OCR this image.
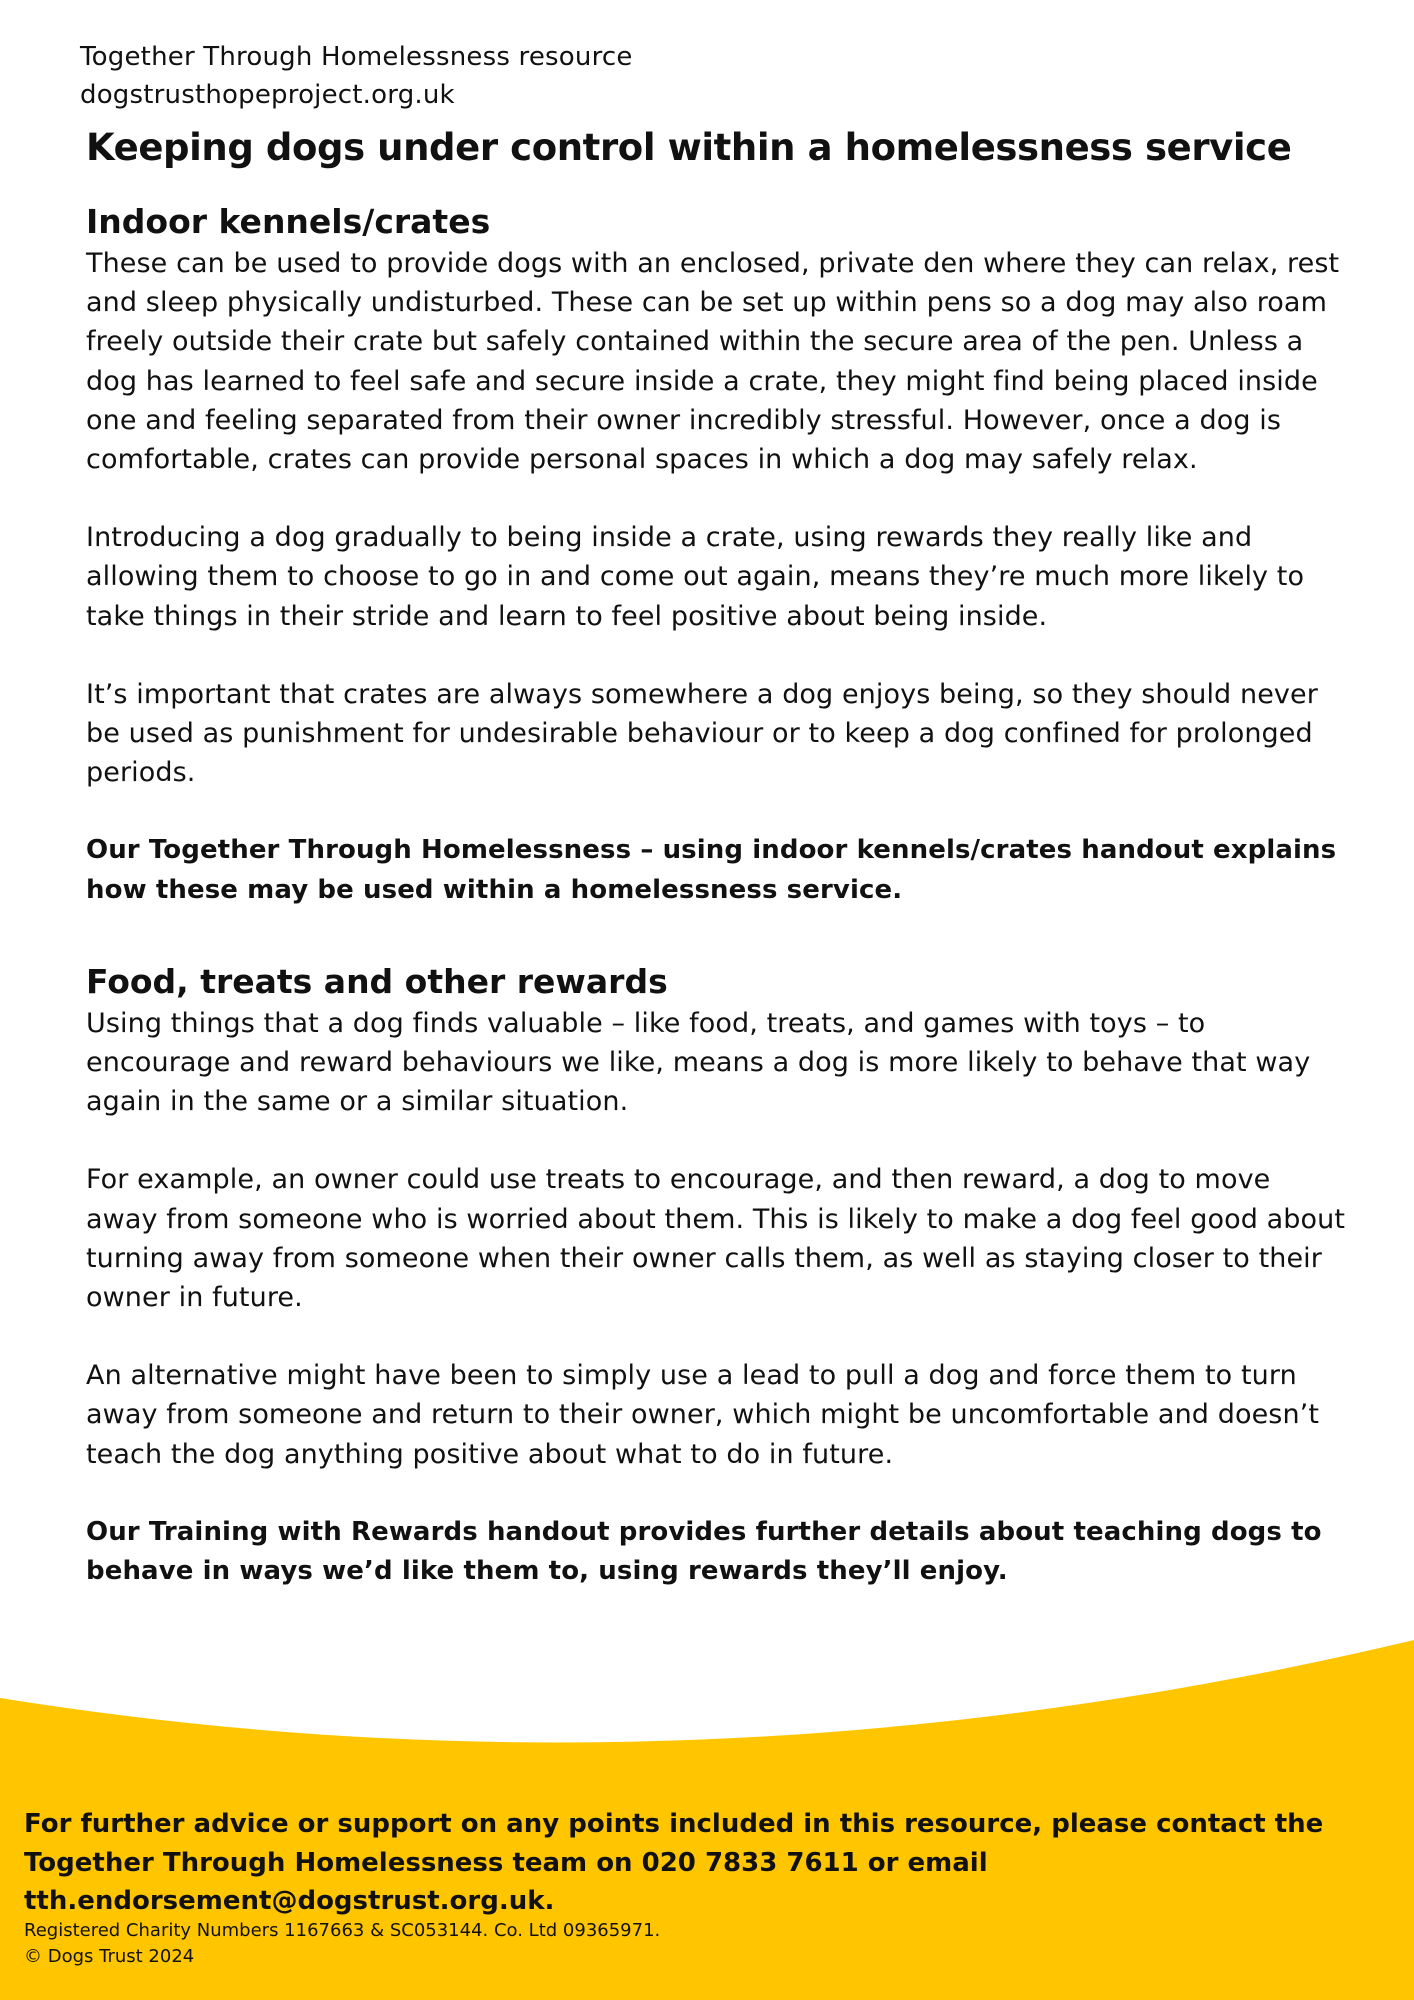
Together Through Homelessness resource
dogstrusthopeproject.org.uk
Keeping dogs under control within a homelessness service
Indoor kennels/crates

These can be used to provide dogs with an enclosed, private den where they can relax, rest and sleep physically undisturbed. These can be set up within pens so a dog may also roam freely outside their crate but safely contained within the secure area of the pen. Unless a dog has learned to feel safe and secure inside a crate, they might find being placed inside one and feeling separated from their owner incredibly stressful. However, once a dog is comfortable, crates can provide personal spaces in which a dog may safely relax.

Introducing a dog gradually to being inside a crate, using rewards they really like and allowing them to choose to go in and come out again, means they’re much more likely to take things in their stride and learn to feel positive about being inside.

It’s important that crates are always somewhere a dog enjoys being, so they should never be used as punishment for undesirable behaviour or to keep a dog confined for prolonged periods.

Our Together Through Homelessness – using indoor kennels/crates handout explains how these may be used within a homelessness service.

Food, treats and other rewards

Using things that a dog finds valuable – like food, treats, and games with toys – to encourage and reward behaviours we like, means a dog is more likely to behave that way again in the same or a similar situation.

For example, an owner could use treats to encourage, and then reward, a dog to move away from someone who is worried about them. This is likely to make a dog feel good about turning away from someone when their owner calls them, as well as staying closer to their owner in future.

An alternative might have been to simply use a lead to pull a dog and force them to turn away from someone and return to their owner, which might be uncomfortable and doesn’t teach the dog anything positive about what to do in future.

Our Training with Rewards handout provides further details about teaching dogs to behave in ways we’d like them to, using rewards they’ll enjoy.

For further advice or support on any points included in this resource, please contact the Together Through Homelessness team on 020 7833 7611 or email tth.endorsement@dogstrust.org.uk.
Registered Charity Numbers 1167663 & SC053144. Co. Ltd 09365971.
© Dogs Trust 2024
